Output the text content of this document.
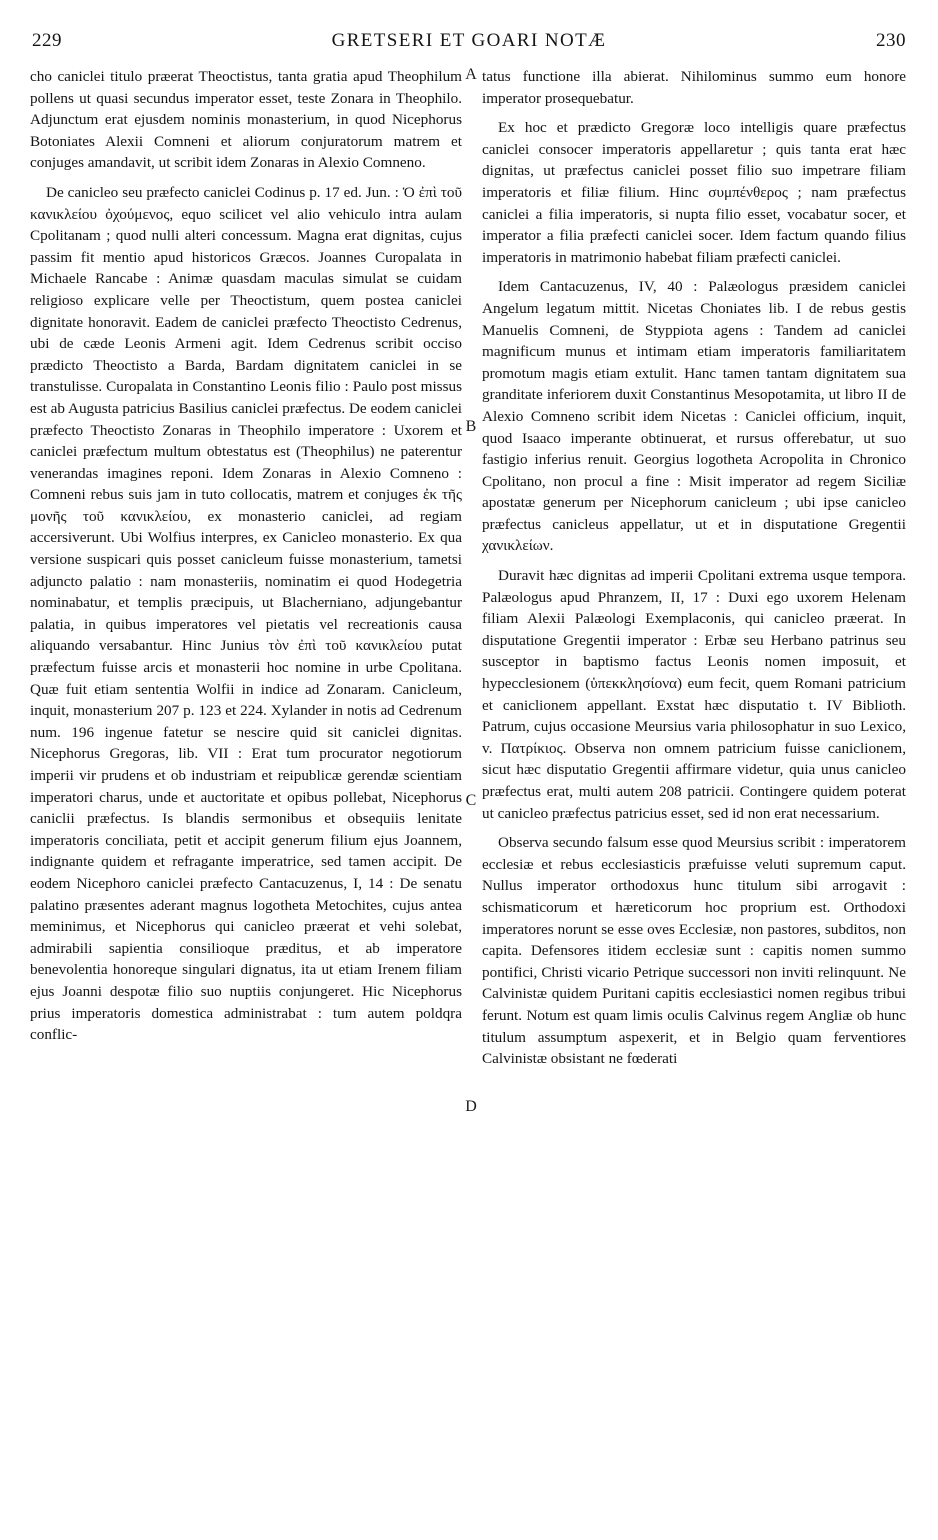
229	GRETSERI ET GOARI NOTÆ	230

cho caniclei titulo præerat Theoctistus, tanta gratia apud Theophilum pollens ut quasi secundus imperator esset, teste Zonara in Theophilo. Adjunctum erat ejusdem nominis monasterium, in quod Nicephorus Botoniates Alexii Comneni et aliorum conjuratorum matrem et conjuges amandavit, ut scribit idem Zonaras in Alexio Comneno.

De canicleo seu præfecto caniclei Codinus p. 17 ed. Jun. : Ὁ ἐπὶ τοῦ κανικλείου ὀχούμενος, equo scilicet vel alio vehiculo intra aulam Cpolitanam ; quod nulli alteri concessum. Magna erat dignitas, cujus passim fit mentio apud historicos Græcos. Joannes Curopalata in Michaele Rancabe : Animæ quasdam maculas simulat se cuidam religioso explicare velle per Theoctistum, quem postea caniclei dignitate honoravit. Eadem de caniclei præfecto Theoctisto Cedrenus, ubi de cæde Leonis Armeni agit. Idem Cedrenus scribit occiso prædicto Theoctisto a Barda, Bardam dignitatem caniclei in se transtulisse. Curopalata in Constantino Leonis filio : Paulo post missus est ab Augusta patricius Basilius caniclei præfectus. De eodem caniclei præfecto Theoctisto Zonaras in Theophilo imperatore : Uxorem et caniclei præfectum multum obtestatus est (Theophilus) ne paterentur venerandas imagines reponi. Idem Zonaras in Alexio Comneno : Comneni rebus suis jam in tuto collocatis, matrem et conjuges ἐκ τῆς μονῆς τοῦ κανικλείου, ex monasterio caniclei, ad regiam accersiverunt. Ubi Wolfius interpres, ex Canicleo monasterio. Ex qua versione suspicari quis posset canicleum fuisse monasterium, tametsi adjuncto palatio : nam monasteriis, nominatim ei quod Hodegetria nominabatur, et templis præcipuis, ut Blacherniano, adjungebantur palatia, in quibus imperatores vel pietatis vel recreationis causa aliquando versabantur. Hinc Junius τὸν ἐπὶ τοῦ κανικλείου putat præfectum fuisse arcis et monasterii hoc nomine in urbe Cpolitana. Quæ fuit etiam sententia Wolfii in indice ad Zonaram. Canicleum, inquit, monasterium 207 p. 123 et 224. Xylander in notis ad Cedrenum num. 196 ingenue fatetur se nescire quid sit caniclei dignitas. Nicephorus Gregoras, lib. VII : Erat tum procurator negotiorum imperii vir prudens et ob industriam et reipublicæ gerendæ scientiam imperatori charus, unde et auctoritate et opibus pollebat, Nicephorus caniclii præfectus. Is blandis sermonibus et obsequiis lenitate imperatoris conciliata, petit et accipit generum filium ejus Joannem, indignante quidem et refragante imperatrice, sed tamen accipit. De eodem Nicephoro caniclei præfecto Cantacuzenus, I, 14 : De senatu palatino præsentes aderant magnus logotheta Metochites, cujus antea meminimus, et Nicephorus qui canicleo præerat et vehi solebat, admirabili sapientia consilioque præditus, et ab imperatore benevolentia honoreque singulari dignatus, ita ut etiam Irenem filiam ejus Joanni despotæ filio suo nuptiis conjungeret. Hic Nicephorus prius imperatoris domestica administrabat : tum autem poldqra conflic-

A
B
C
D

tatus functione illa abierat. Nihilominus summo eum honore imperator prosequebatur.

Ex hoc et prædicto Gregoræ loco intelligis quare præfectus caniclei consocer imperatoris appellaretur ; quis tanta erat hæc dignitas, ut præfectus caniclei posset filio suo impetrare filiam imperatoris et filiæ filium. Hinc συμπένθερος ; nam præfectus caniclei a filia imperatoris, si nupta filio esset, vocabatur socer, et imperator a filia præfecti caniclei socer. Idem factum quando filius imperatoris in matrimonio habebat filiam præfecti caniclei.

Idem Cantacuzenus, IV, 40 : Palæologus præsidem caniclei Angelum legatum mittit. Nicetas Choniates lib. I de rebus gestis Manuelis Comneni, de Styppiota agens : Tandem ad caniclei magnificum munus et intimam etiam imperatoris familiaritatem promotum magis etiam extulit. Hanc tamen tantam dignitatem sua granditate inferiorem duxit Constantinus Mesopotamita, ut libro II de Alexio Comneno scribit idem Nicetas : Caniclei officium, inquit, quod Isaaco imperante obtinuerat, et rursus offerebatur, ut suo fastigio inferius renuit. Georgius logotheta Acropolita in Chronico Cpolitano, non procul a fine : Misit imperator ad regem Siciliæ apostatæ generum per Nicephorum canicleum ; ubi ipse canicleo præfectus canicleus appellatur, ut et in disputatione Gregentii χανικλείων.

Duravit hæc dignitas ad imperii Cpolitani extrema usque tempora. Palæologus apud Phranzem, II, 17 : Duxi ego uxorem Helenam filiam Alexii Palæologi Exemplaconis, qui canicleo præerat. In disputatione Gregentii imperator : Erbæ seu Herbano patrinus seu susceptor in baptismo factus Leonis nomen imposuit, et hypecclesionem (ὑπεκκλησίονα) eum fecit, quem Romani patricium et caniclionem appellant. Exstat hæc disputatio t. IV Biblioth. Patrum, cujus occasione Meursius varia philosophatur in suo Lexico, v. Πατρίκιος. Observa non omnem patricium fuisse caniclionem, sicut hæc disputatio Gregentii affirmare videtur, quia unus canicleo præfectus erat, multi autem 208 patricii. Contingere quidem poterat ut canicleo præfectus patricius esset, sed id non erat necessarium.

Observa secundo falsum esse quod Meursius scribit : imperatorem ecclesiæ et rebus ecclesiasticis præfuisse veluti supremum caput. Nullus imperator orthodoxus hunc titulum sibi arrogavit : schismaticorum et hæreticorum hoc proprium est. Orthodoxi imperatores norunt se esse oves Ecclesiæ, non pastores, subditos, non capita. Defensores itidem ecclesiæ sunt : capitis nomen summo pontifici, Christi vicario Petrique successori non inviti relinquunt. Ne Calvinistæ quidem Puritani capitis ecclesiastici nomen regibus tribui ferunt. Notum est quam limis oculis Calvinus regem Angliæ ob hunc titulum assumptum aspexerit, et in Belgio quam ferventiores Calvinistæ obsistant ne fœderati
